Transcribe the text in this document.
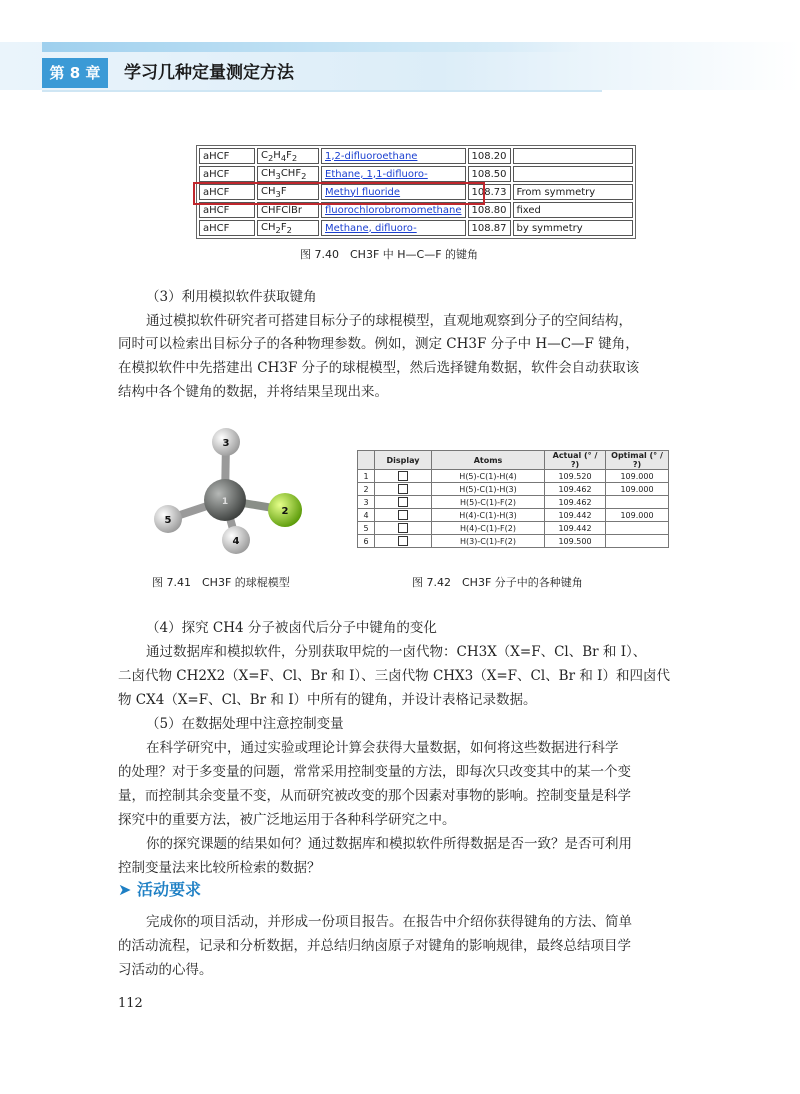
第 8 章	学习几种定量测定方法
aHCF	$C_2H_4F_2$	1,2-difluoroethane	108.20	
aHCF	$CH_3CHF_2$	Ethane, 1,1-difluoro-	108.50	
aHCF	$CH_3F$	Methyl fluoride	108.73	From symmetry
aHCF	CHFClBr	fluorochlorobromomethane	108.80	fixed
aHCF	$CH_2F_2$	Methane, difluoro-	108.87	by symmetry
图 7.40　CH3F 中 H—C—F 的键角
（3）利用模拟软件获取键角
通过模拟软件研究者可搭建目标分子的球棍模型，直观地观察到分子的空间结构，
同时可以检索出目标分子的各种物理参数。例如，测定 CH3F 分子中 H—C—F 键角，
在模拟软件中先搭建出 CH3F 分子的球棍模型，然后选择键角数据，软件会自动获取该
结构中各个键角的数据，并将结果呈现出来。
3
1
2
4
5
	Display	Atoms	Actual (° / ?)	Optimal (° / ?)
1		H(5)-C(1)-H(4)	109.520	109.000
2		H(5)-C(1)-H(3)	109.462	109.000
3		H(5)-C(1)-F(2)	109.462	
4		H(4)-C(1)-H(3)	109.442	109.000
5		H(4)-C(1)-F(2)	109.442	
6		H(3)-C(1)-F(2)	109.500	
图 7.41　CH3F 的球棍模型	图 7.42　CH3F 分子中的各种键角
（4）探究 CH4 分子被卤代后分子中键角的变化
通过数据库和模拟软件，分别获取甲烷的一卤代物：CH3X（X=F、Cl、Br 和 I）、
二卤代物 CH2X2（X=F、Cl、Br 和 I）、三卤代物 CHX3（X=F、Cl、Br 和 I）和四卤代
物 CX4（X=F、Cl、Br 和 I）中所有的键角，并设计表格记录数据。
（5）在数据处理中注意控制变量
在科学研究中，通过实验或理论计算会获得大量数据，如何将这些数据进行科学
的处理？对于多变量的问题，常常采用控制变量的方法，即每次只改变其中的某一个变
量，而控制其余变量不变，从而研究被改变的那个因素对事物的影响。控制变量是科学
探究中的重要方法，被广泛地运用于各种科学研究之中。
你的探究课题的结果如何？通过数据库和模拟软件所得数据是否一致？是否可利用
控制变量法来比较所检索的数据？
➤ 活动要求
完成你的项目活动，并形成一份项目报告。在报告中介绍你获得键角的方法、简单
的活动流程，记录和分析数据，并总结归纳卤原子对键角的影响规律，最终总结项目学
习活动的心得。
112
